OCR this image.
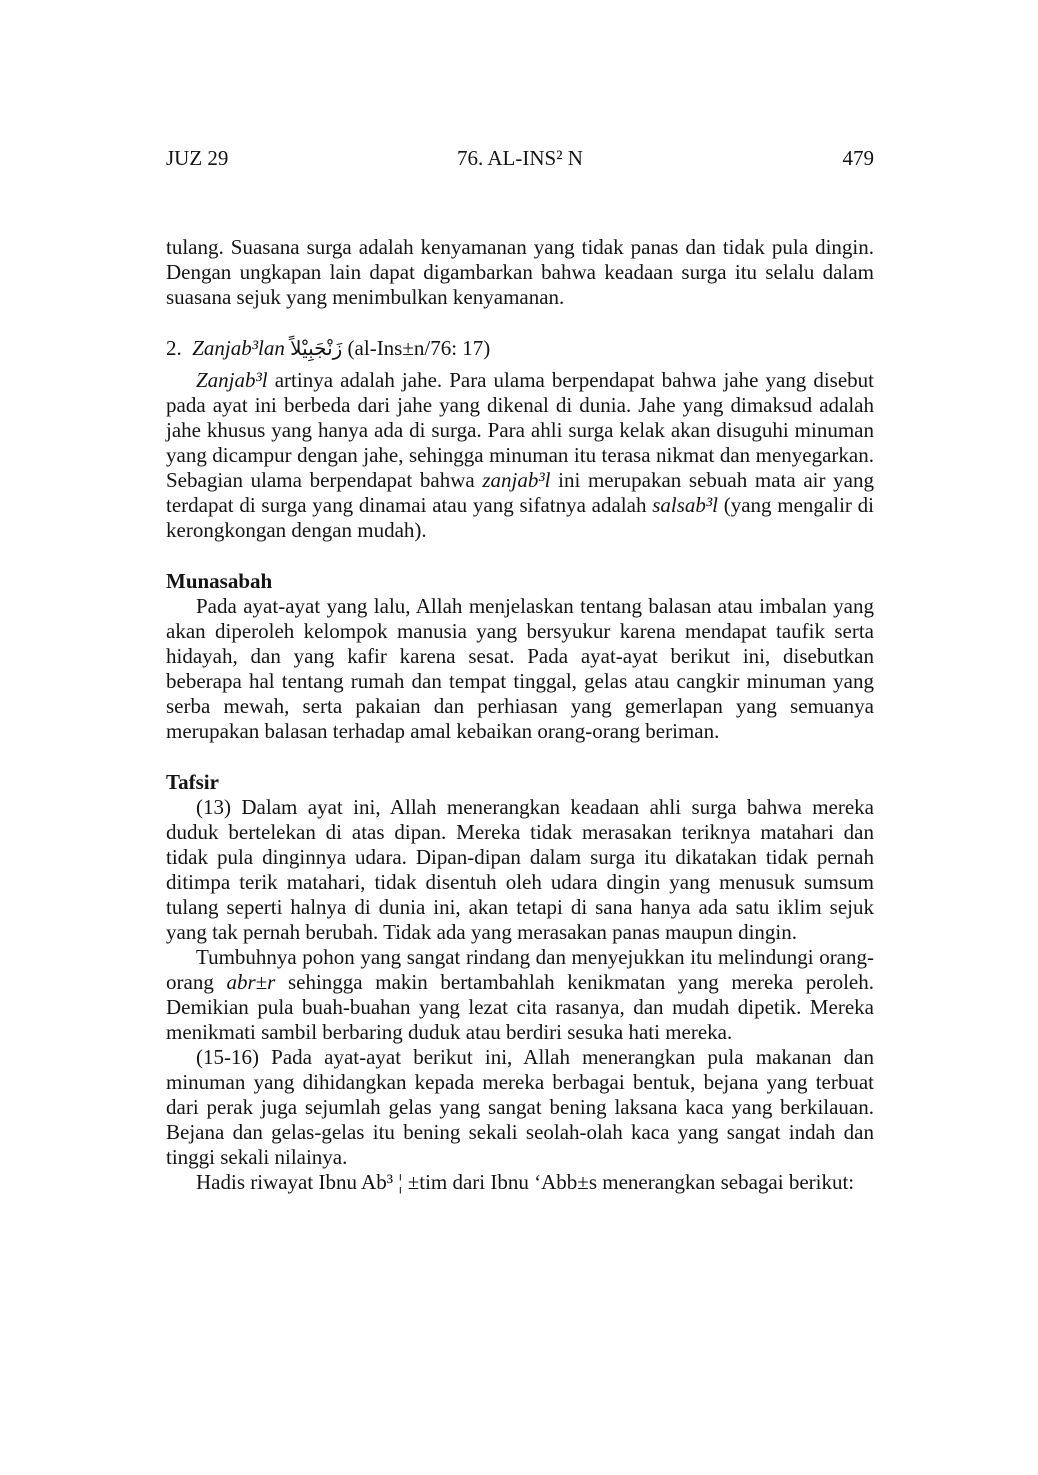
JUZ 29	76. AL-INS² N	479

tulang. Suasana surga adalah kenyamanan yang tidak panas dan tidak pula dingin. Dengan ungkapan lain dapat digambarkan bahwa keadaan surga itu selalu dalam suasana sejuk yang menimbulkan kenyamanan.

2. Zanjab³lan زَنْجَبِيْلاً (al-Ins±n/76: 17)

Zanjab³l artinya adalah jahe. Para ulama berpendapat bahwa jahe yang disebut pada ayat ini berbeda dari jahe yang dikenal di dunia. Jahe yang dimaksud adalah jahe khusus yang hanya ada di surga. Para ahli surga kelak akan disuguhi minuman yang dicampur dengan jahe, sehingga minuman itu terasa nikmat dan menyegarkan. Sebagian ulama berpendapat bahwa zanjab³l ini merupakan sebuah mata air yang terdapat di surga yang dinamai atau yang sifatnya adalah salsab³l (yang mengalir di kerongkongan dengan mudah).

Munasabah

Pada ayat-ayat yang lalu, Allah menjelaskan tentang balasan atau imbalan yang akan diperoleh kelompok manusia yang bersyukur karena mendapat taufik serta hidayah, dan yang kafir karena sesat. Pada ayat-ayat berikut ini, disebutkan beberapa hal tentang rumah dan tempat tinggal, gelas atau cangkir minuman yang serba mewah, serta pakaian dan perhiasan yang gemerlapan yang semuanya merupakan balasan terhadap amal kebaikan orang-orang beriman.

Tafsir

(13) Dalam ayat ini, Allah menerangkan keadaan ahli surga bahwa mereka duduk bertelekan di atas dipan. Mereka tidak merasakan teriknya matahari dan tidak pula dinginnya udara. Dipan-dipan dalam surga itu dikatakan tidak pernah ditimpa terik matahari, tidak disentuh oleh udara dingin yang menusuk sumsum tulang seperti halnya di dunia ini, akan tetapi di sana hanya ada satu iklim sejuk yang tak pernah berubah. Tidak ada yang merasakan panas maupun dingin.

Tumbuhnya pohon yang sangat rindang dan menyejukkan itu melindungi orang-orang abr±r sehingga makin bertambahlah kenikmatan yang mereka peroleh. Demikian pula buah-buahan yang lezat cita rasanya, dan mudah dipetik. Mereka menikmati sambil berbaring duduk atau berdiri sesuka hati mereka.

(15-16) Pada ayat-ayat berikut ini, Allah menerangkan pula makanan dan minuman yang dihidangkan kepada mereka berbagai bentuk, bejana yang terbuat dari perak juga sejumlah gelas yang sangat bening laksana kaca yang berkilauan. Bejana dan gelas-gelas itu bening sekali seolah-olah kaca yang sangat indah dan tinggi sekali nilainya.

Hadis riwayat Ibnu Ab³ ¦ ±tim dari Ibnu ‘Abb±s menerangkan sebagai berikut:
